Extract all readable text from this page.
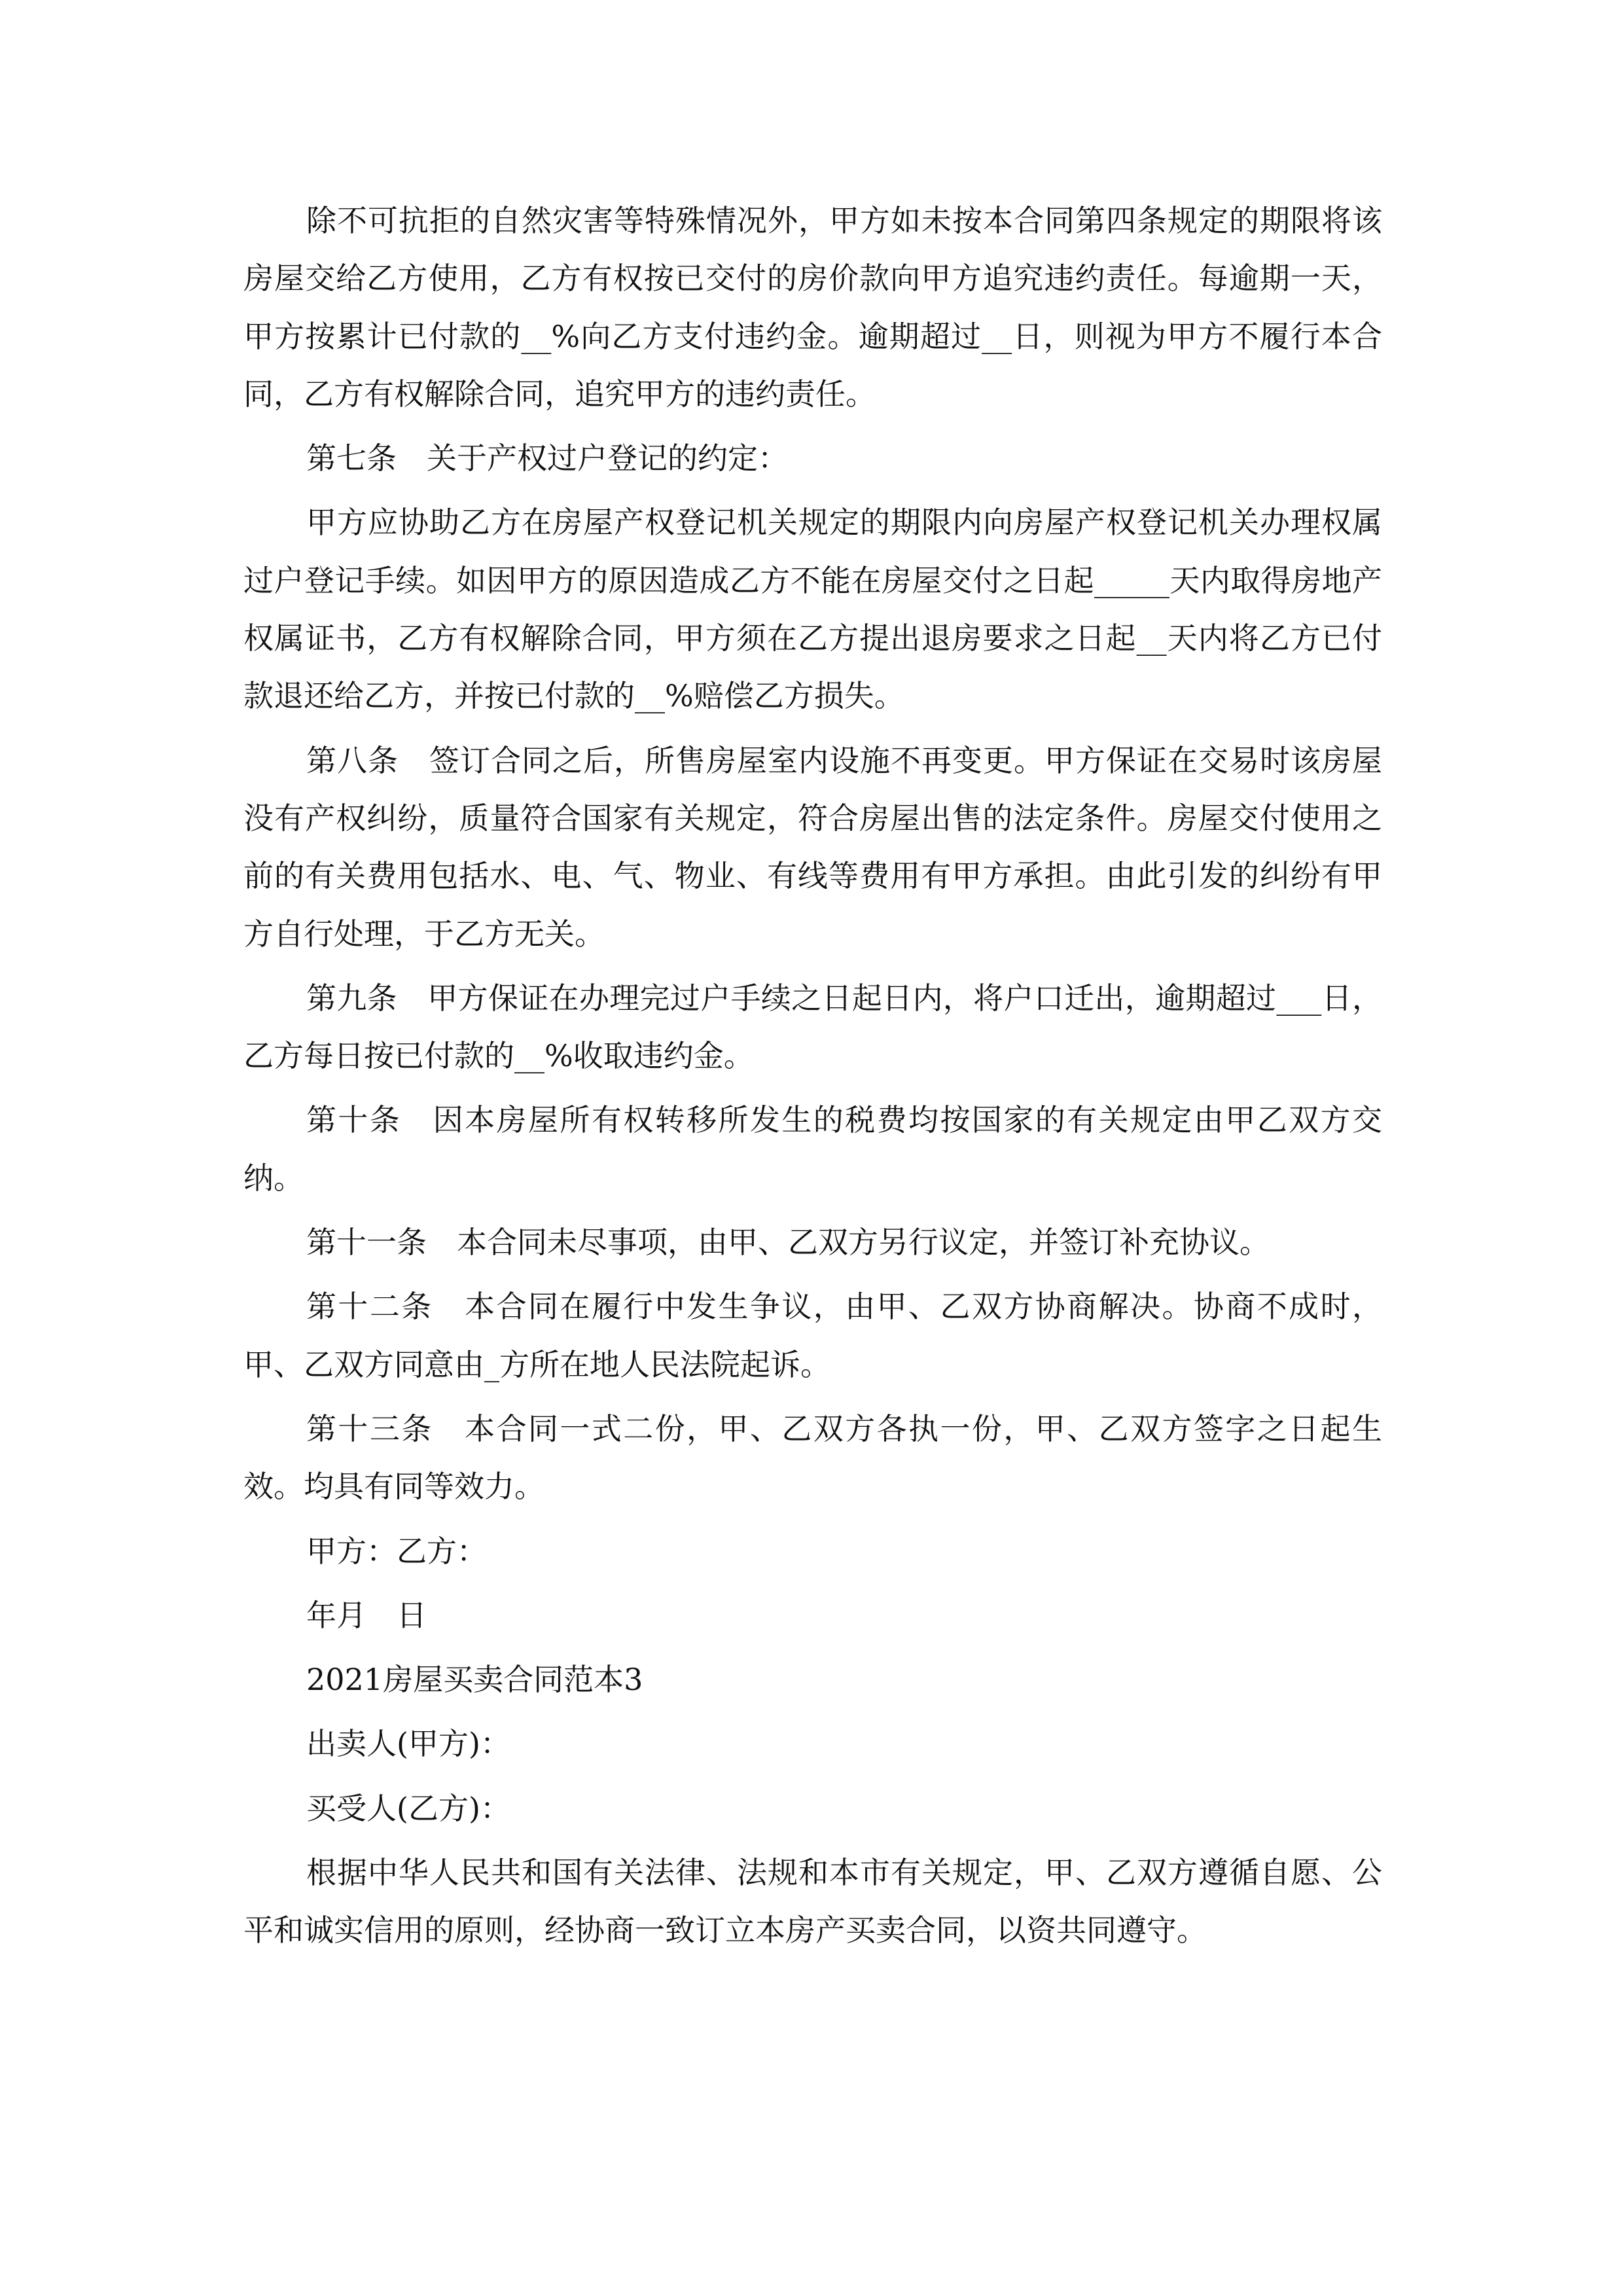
除不可抗拒的自然灾害等特殊情况外，甲方如未按本合同第四条规定的期限将该房屋交给乙方使用，乙方有权按已交付的房价款向甲方追究违约责任。每逾期一天，甲方按累计已付款的__%向乙方支付违约金。逾期超过__日，则视为甲方不履行本合同，乙方有权解除合同，追究甲方的违约责任。

第七条　关于产权过户登记的约定：

甲方应协助乙方在房屋产权登记机关规定的期限内向房屋产权登记机关办理权属过户登记手续。如因甲方的原因造成乙方不能在房屋交付之日起_____天内取得房地产权属证书，乙方有权解除合同，甲方须在乙方提出退房要求之日起__天内将乙方已付款退还给乙方，并按已付款的__%赔偿乙方损失。

第八条　签订合同之后，所售房屋室内设施不再变更。甲方保证在交易时该房屋没有产权纠纷，质量符合国家有关规定，符合房屋出售的法定条件。房屋交付使用之前的有关费用包括水、电、气、物业、有线等费用有甲方承担。由此引发的纠纷有甲方自行处理，于乙方无关。

第九条　甲方保证在办理完过户手续之日起日内，将户口迁出，逾期超过___日，乙方每日按已付款的__%收取违约金。

第十条　因本房屋所有权转移所发生的税费均按国家的有关规定由甲乙双方交纳。

第十一条　本合同未尽事项，由甲、乙双方另行议定，并签订补充协议。

第十二条　本合同在履行中发生争议，由甲、乙双方协商解决。协商不成时，甲、乙双方同意由_方所在地人民法院起诉。

第十三条　本合同一式二份，甲、乙双方各执一份，甲、乙双方签字之日起生效。均具有同等效力。

甲方：乙方：

年月　日

2021房屋买卖合同范本3

出卖人(甲方)：

买受人(乙方)：

根据中华人民共和国有关法律、法规和本市有关规定，甲、乙双方遵循自愿、公平和诚实信用的原则，经协商一致订立本房产买卖合同，以资共同遵守。
